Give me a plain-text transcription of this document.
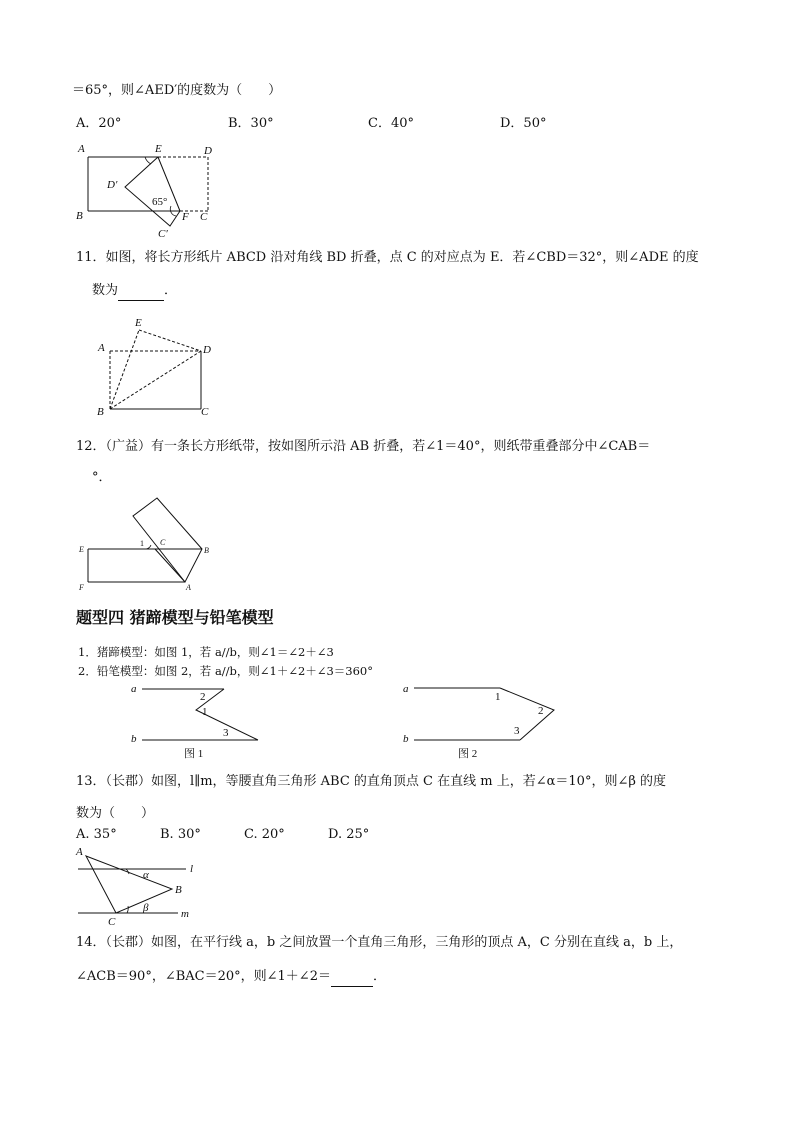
＝65°，则∠AED′的度数为（　　）
A．20°	B．30°	C．40°	D．50°
A	E	D
D′
B
65°
F C
C′
11．如图，将长方形纸片 ABCD 沿对角线 BD 折叠，点 C 的对应点为 E．若∠CBD＝32°，则∠ADE 的度
数为	．
E
A	D
B	C
12．（广益）有一条长方形纸带，按如图所示沿 AB 折叠，若∠1＝40°，则纸带重叠部分中∠CAB＝
°．
E
F
1 C
B
A
题型四 猪蹄模型与铅笔模型
1．猪蹄模型：如图 1，若 a//b，则∠1＝∠2＋∠3
2．铅笔模型：如图 2，若 a//b，则∠1＋∠2＋∠3＝360°
a
b
2
1
3
图 1
a
b
1
2
3
图 2
13．（长郡）如图，l∥m，等腰直角三角形 ABC 的直角顶点 C 在直线 m 上，若∠α＝10°，则∠β 的度
数为（　　）
A. 35°	B. 30°	C. 20°	D. 25°
A
l
α
B
β
C
m
14．（长郡）如图，在平行线 a，b 之间放置一个直角三角形，三角形的顶点 A，C 分别在直线 a，b 上，
∠ACB＝90°，∠BAC＝20°，则∠1＋∠2＝	．
